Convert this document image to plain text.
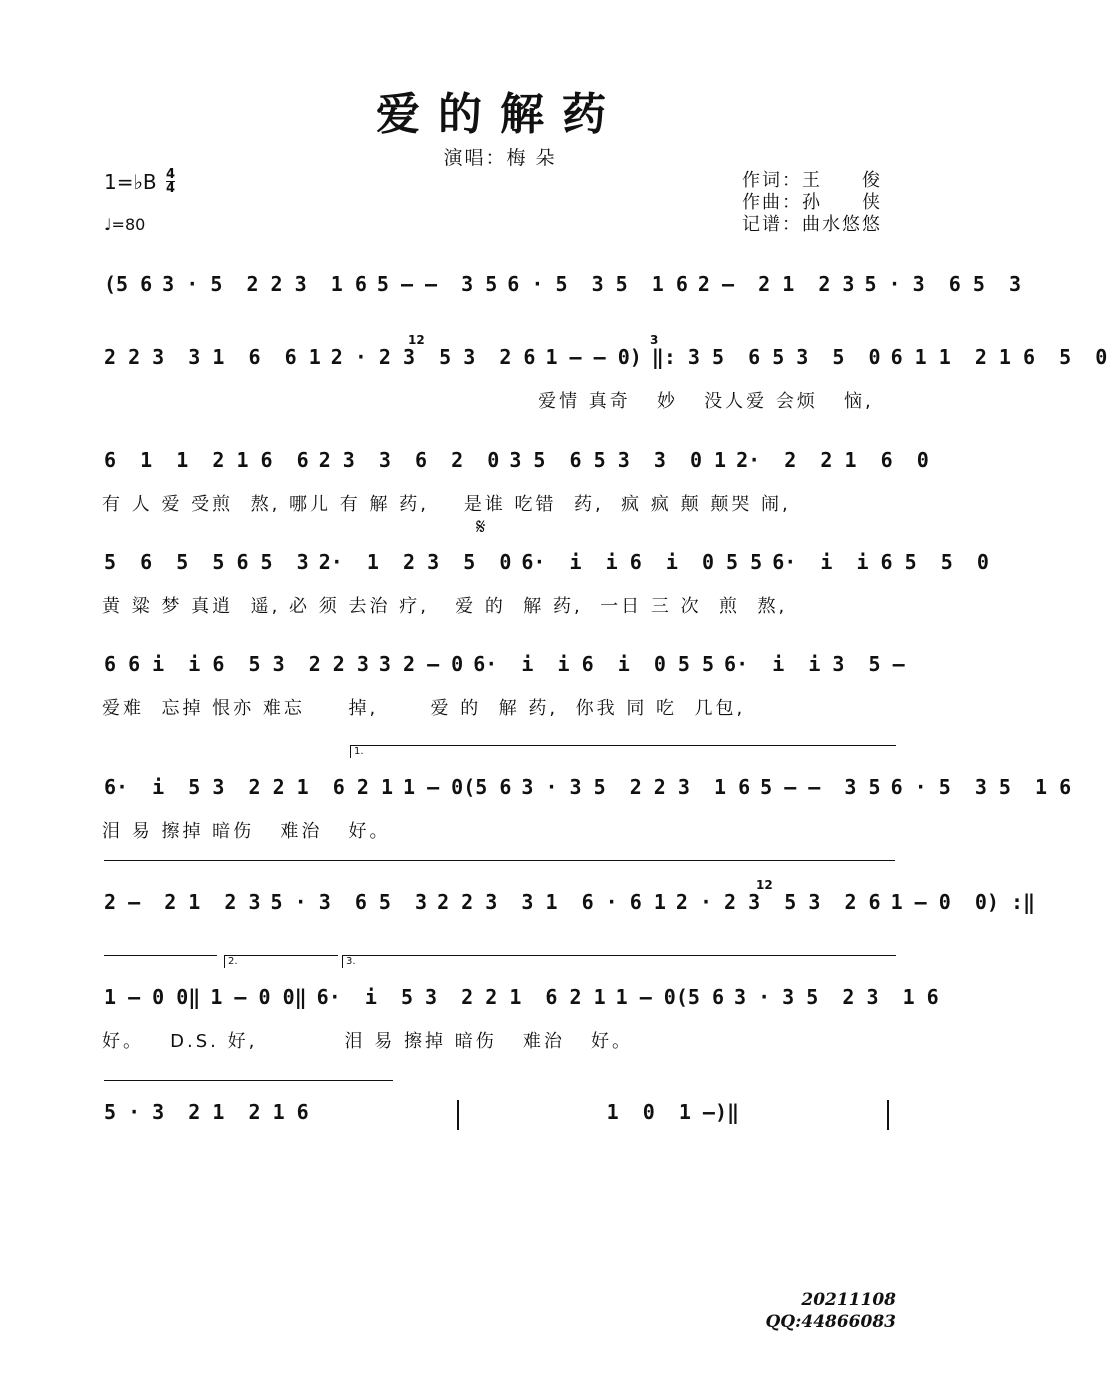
爱的解药
演唱：梅 朵
1=♭B 4
4
♩=80
作词：王　　俊
作曲：孙　　侠
记谱：曲水悠悠
𝄋
(5 6 3 · 5  2 2 3  1 6 5 – –  3 5 6 · 5  3 5  1 6 2 –  2 1  2 3 5 · 3  6 5  3
2 2 3  3 1  6  6 1 2 · 2 3  5 3  2 6 1 – – 0) ‖: 3 5  6 5 3  5  0 6 1 1  2 1 6  5  0
爱情 真奇   妙   没人爱 会烦   恼,
6  1  1  2 1 6  6 2 3  3  6  2  0 3 5  6 5 3  3  0 1 2·  2  2 1  6  0
有 人 爱 受煎  熬, 哪儿 有 解 药,    是谁 吃错  药,  疯 疯 颠 颠哭 闹,
5  6  5  5 6 5  3 2·  1  2 3  5  0 6·  i  i 6  i  0 5 5 6·  i  i 6 5  5  0
黄 粱 梦 真逍  遥, 必 须 去治 疗,   爱 的  解 药,  一日 三 次  煎  熬,
6 6 i  i 6  5 3  2 2 3 3 2 – 0 6·  i  i 6  i  0 5 5 6·  i  i 3  5 –
爱难  忘掉 恨亦 难忘     掉,      爱 的  解 药,  你我 同 吃  几包,
6·  i  5 3  2 2 1  6 2 1 1 – 0(5 6 3 · 3 5  2 2 3  1 6 5 – –  3 5 6 · 5  3 5  1 6
泪 易 擦掉 暗伤   难治   好。
2 –  2 1  2 3 5 · 3  6 5  3 2 2 3  3 1  6 · 6 1 2 · 2 3  5 3  2 6 1 – 0  0) :‖
1 – 0 0‖ 1 – 0 0‖ 6·  i  5 3  2 2 1  6 2 1 1 – 0(5 6 3 · 3 5  2 3  1 6
好。   D.S. 好,          泪 易 擦掉 暗伤   难治   好。
5 · 3  2 1  2 1 6	1  0  1 –)‖
1.
2.	3.
12
12
3
20211108
QQ:44866083
